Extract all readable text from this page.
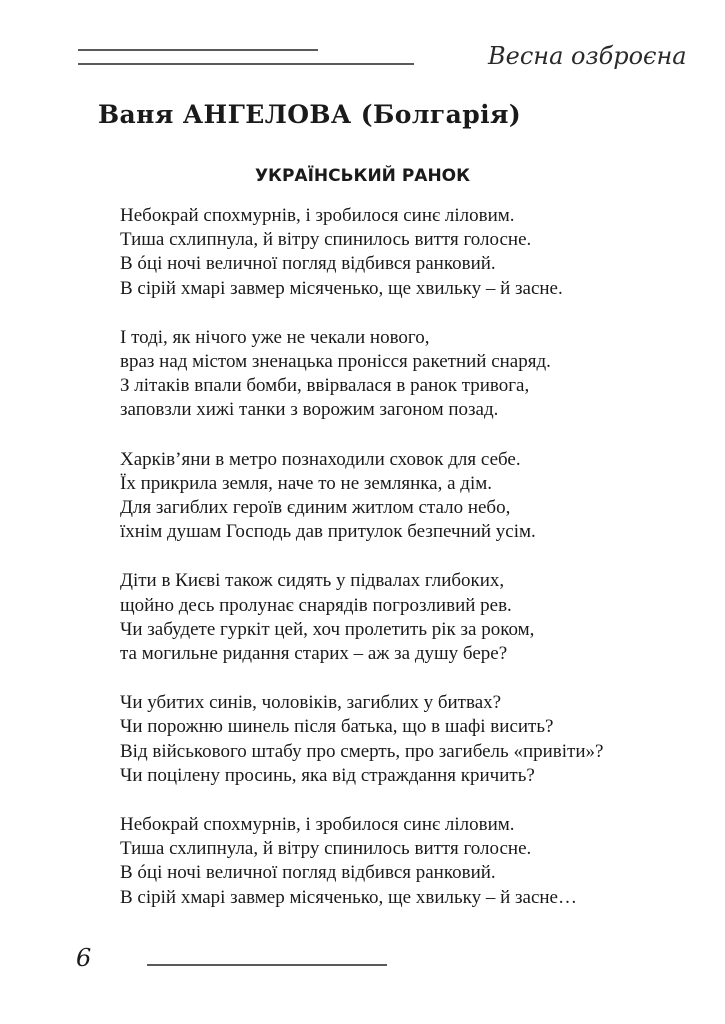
Весна озброєна
Ваня АНГЕЛОВА (Болгарія)
УКРАЇНСЬКИЙ РАНОК
Небокрай спохмурнів, і зробилося синє ліловим.
Тиша схлипнула, й вітру спинилось виття голосне.
В óці ночі величної погляд відбився ранковий.
В сірій хмарі завмер місяченько, ще хвильку – й засне.
І тоді, як нічого уже не чекали нового,
враз над містом зненацька пронісся ракетний снаряд.
З літаків впали бомби, ввірвалася в ранок тривога,
заповзли хижі танки з ворожим загоном позад.
Харків’яни в метро познаходили сховок для себе.
Їх прикрила земля, наче то не землянка, а дім.
Для загиблих героїв єдиним житлом стало небо,
їхнім душам Господь дав притулок безпечний усім.
Діти в Києві також сидять у підвалах глибоких,
щойно десь пролунає снарядів погрозливий рев.
Чи забудете гуркіт цей, хоч пролетить рік за роком,
та могильне ридання старих – аж за душу бере?
Чи убитих синів, чоловіків, загиблих у битвах?
Чи порожню шинель після батька, що в шафі висить?
Від військового штабу про смерть, про загибель «привіти»?
Чи поцілену просинь, яка від страждання кричить?
Небокрай спохмурнів, і зробилося синє ліловим.
Тиша схлипнула, й вітру спинилось виття голосне.
В óці ночі величної погляд відбився ранковий.
В сірій хмарі завмер місяченько, ще хвильку – й засне…
6
